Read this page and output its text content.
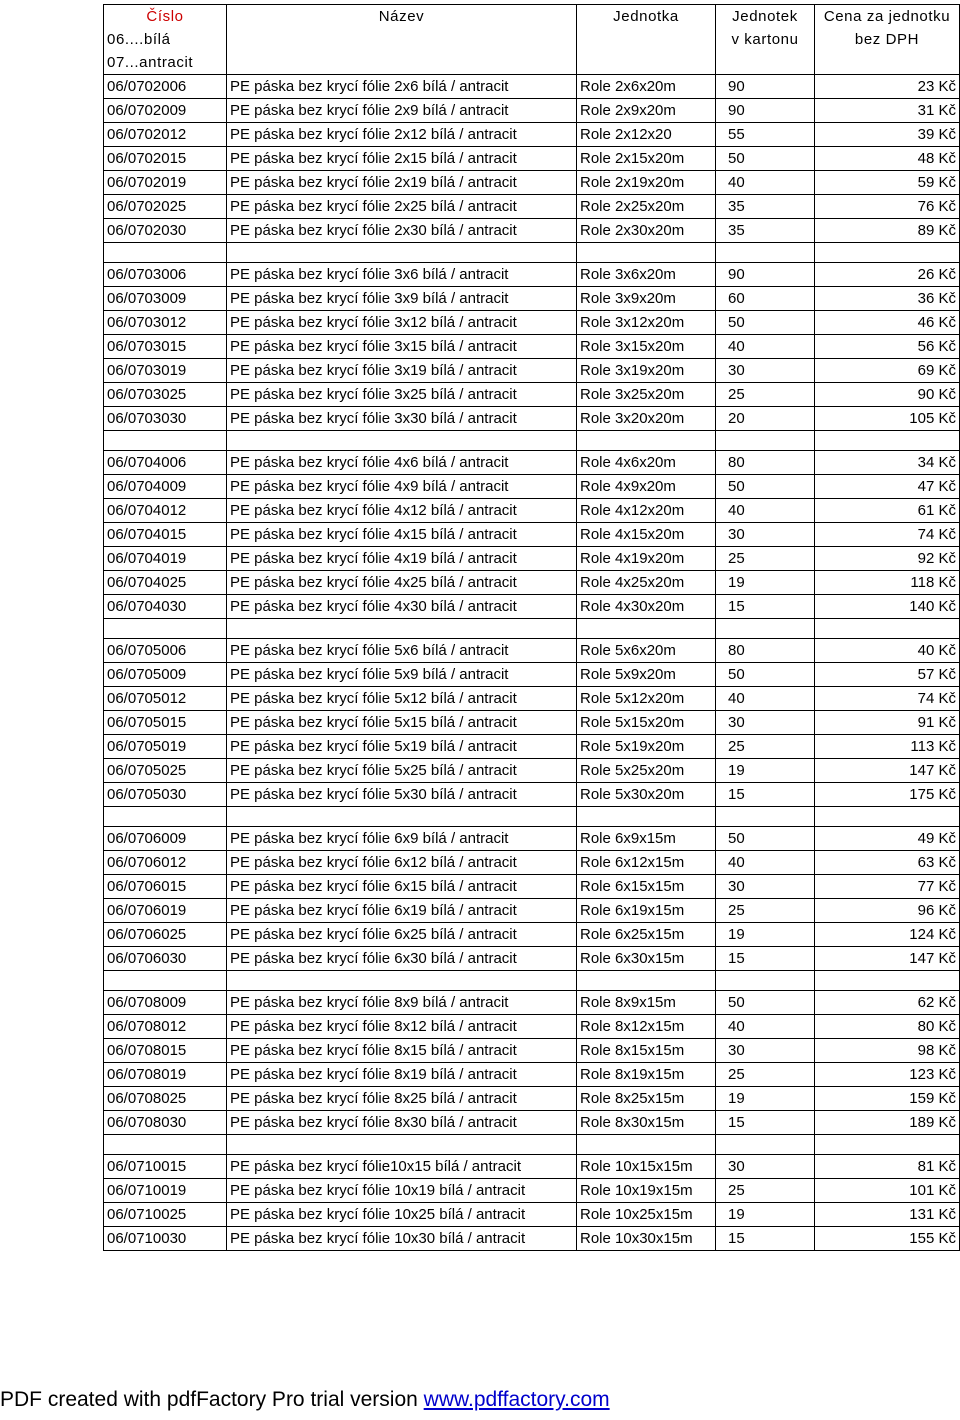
Číslo	Název	Jednotka	Jednotek	Cena za jednotku
06....bílá			v kartonu	bez DPH
07...antracit				
06/0702006	PE páska bez krycí fólie 2x6 bílá / antracit	Role 2x6x20m	90	23 Kč
06/0702009	PE páska bez krycí fólie 2x9 bílá / antracit	Role 2x9x20m	90	31 Kč
06/0702012	PE páska bez krycí fólie 2x12 bílá / antracit	Role 2x12x20	55	39 Kč
06/0702015	PE páska bez krycí fólie 2x15 bílá / antracit	Role 2x15x20m	50	48 Kč
06/0702019	PE páska bez krycí fólie 2x19 bílá / antracit	Role 2x19x20m	40	59 Kč
06/0702025	PE páska bez krycí fólie 2x25 bílá / antracit	Role 2x25x20m	35	76 Kč
06/0702030	PE páska bez krycí fólie 2x30 bílá / antracit	Role 2x30x20m	35	89 Kč

06/0703006	PE páska bez krycí fólie 3x6 bílá / antracit	Role 3x6x20m	90	26 Kč
06/0703009	PE páska bez krycí fólie 3x9 bílá / antracit	Role 3x9x20m	60	36 Kč
06/0703012	PE páska bez krycí fólie 3x12 bílá / antracit	Role 3x12x20m	50	46 Kč
06/0703015	PE páska bez krycí fólie 3x15 bílá / antracit	Role 3x15x20m	40	56 Kč
06/0703019	PE páska bez krycí fólie 3x19 bílá / antracit	Role 3x19x20m	30	69 Kč
06/0703025	PE páska bez krycí fólie 3x25 bílá / antracit	Role 3x25x20m	25	90 Kč
06/0703030	PE páska bez krycí fólie 3x30 bílá / antracit	Role 3x20x20m	20	105 Kč

06/0704006	PE páska bez krycí fólie 4x6 bílá / antracit	Role 4x6x20m	80	34 Kč
06/0704009	PE páska bez krycí fólie 4x9 bílá / antracit	Role 4x9x20m	50	47 Kč
06/0704012	PE páska bez krycí fólie 4x12 bílá / antracit	Role 4x12x20m	40	61 Kč
06/0704015	PE páska bez krycí fólie 4x15 bílá / antracit	Role 4x15x20m	30	74 Kč
06/0704019	PE páska bez krycí fólie 4x19 bílá / antracit	Role 4x19x20m	25	92 Kč
06/0704025	PE páska bez krycí fólie 4x25 bílá / antracit	Role 4x25x20m	19	118 Kč
06/0704030	PE páska bez krycí fólie 4x30 bílá / antracit	Role 4x30x20m	15	140 Kč

06/0705006	PE páska bez krycí fólie 5x6 bílá / antracit	Role 5x6x20m	80	40 Kč
06/0705009	PE páska bez krycí fólie 5x9 bílá / antracit	Role 5x9x20m	50	57 Kč
06/0705012	PE páska bez krycí fólie 5x12 bílá / antracit	Role 5x12x20m	40	74 Kč
06/0705015	PE páska bez krycí fólie 5x15 bílá / antracit	Role 5x15x20m	30	91 Kč
06/0705019	PE páska bez krycí fólie 5x19 bílá / antracit	Role 5x19x20m	25	113 Kč
06/0705025	PE páska bez krycí fólie 5x25 bílá / antracit	Role 5x25x20m	19	147 Kč
06/0705030	PE páska bez krycí fólie 5x30 bílá / antracit	Role 5x30x20m	15	175 Kč

06/0706009	PE páska bez krycí fólie 6x9 bílá / antracit	Role 6x9x15m	50	49 Kč
06/0706012	PE páska bez krycí fólie 6x12 bílá / antracit	Role 6x12x15m	40	63 Kč
06/0706015	PE páska bez krycí fólie 6x15 bílá / antracit	Role 6x15x15m	30	77 Kč
06/0706019	PE páska bez krycí fólie 6x19 bílá / antracit	Role 6x19x15m	25	96 Kč
06/0706025	PE páska bez krycí fólie 6x25 bílá / antracit	Role 6x25x15m	19	124 Kč
06/0706030	PE páska bez krycí fólie 6x30 bílá / antracit	Role 6x30x15m	15	147 Kč

06/0708009	PE páska bez krycí fólie 8x9 bílá / antracit	Role 8x9x15m	50	62 Kč
06/0708012	PE páska bez krycí fólie 8x12 bílá / antracit	Role 8x12x15m	40	80 Kč
06/0708015	PE páska bez krycí fólie 8x15 bílá / antracit	Role 8x15x15m	30	98 Kč
06/0708019	PE páska bez krycí fólie 8x19 bílá / antracit	Role 8x19x15m	25	123 Kč
06/0708025	PE páska bez krycí fólie 8x25 bílá / antracit	Role 8x25x15m	19	159 Kč
06/0708030	PE páska bez krycí fólie 8x30 bílá / antracit	Role 8x30x15m	15	189 Kč

06/0710015	PE páska bez krycí fólie10x15 bílá / antracit	Role 10x15x15m	30	81 Kč
06/0710019	PE páska bez krycí fólie 10x19 bílá / antracit	Role 10x19x15m	25	101 Kč
06/0710025	PE páska bez krycí fólie 10x25 bílá / antracit	Role 10x25x15m	19	131 Kč
06/0710030	PE páska bez krycí fólie 10x30 bílá / antracit	Role 10x30x15m	15	155 Kč
PDF created with pdfFactory Pro trial version www.pdffactory.com
